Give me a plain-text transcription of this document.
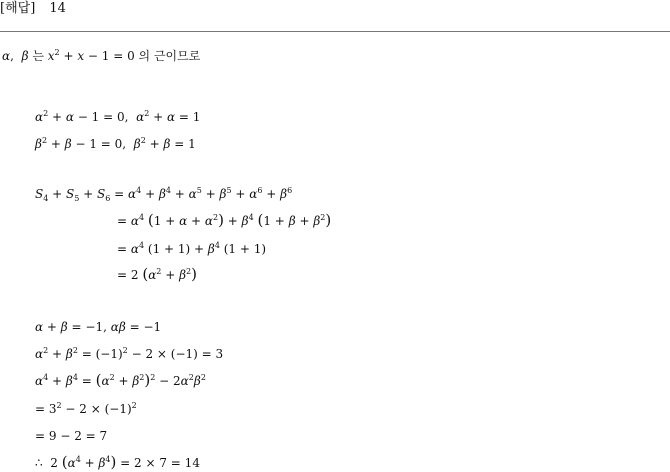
[해답] 14
α,  β 는 $x^2 + x - 1 = 0$ 의 근이므로
$\alpha^2 + \alpha - 1 = 0$,  $\alpha^2 + \alpha = 1$
$\beta^2 + \beta - 1 = 0$,  $\beta^2 + \beta = 1$
$S_4 + S_5 + S_6 = \alpha^4 + \beta^4 + \alpha^5 + \beta^5 + \alpha^6 + \beta^6$
= $\alpha^4$ $(1 + \alpha + \alpha^2) + \beta^4$ $(1 + \beta + \beta^2)$
= $\alpha^4$ $(1 + 1) + \beta^4$ (1 + 1)
= 2 $(\alpha^2 + \beta^2)$
α + β = −1, αβ = −1
$\alpha^2 + \beta^2 = (-1)^2 - 2 \times (-1) = 3$
$\alpha^4 + \beta^4 = (\alpha^2 + \beta^2)^2 - 2\alpha^2\beta^2$
= $3^2 - 2 \times (-1)^2$
= 9 − 2 = 7
∴  2 $(\alpha^4 + \beta^4) = 2 \times 7 = 14$
